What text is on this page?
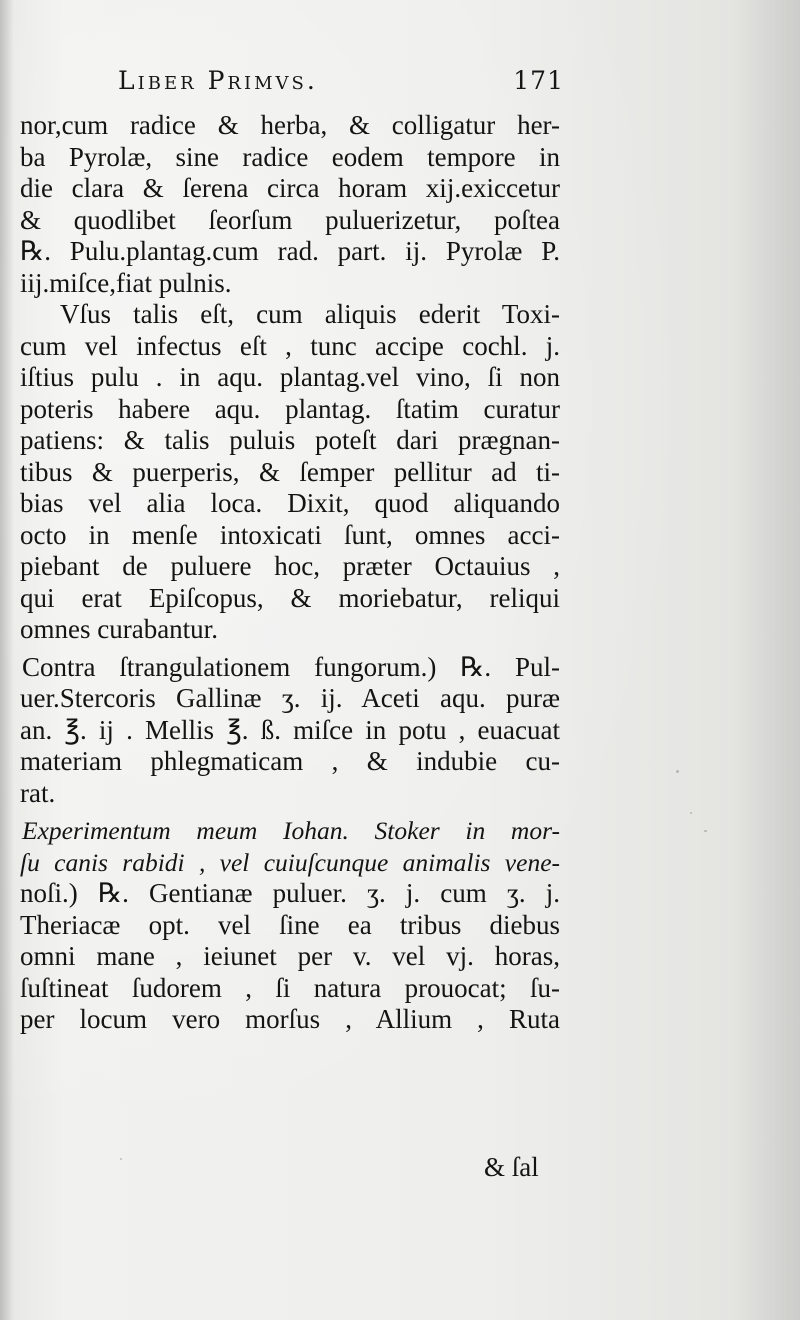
Liber Primvs.	171
nor,cum radice & herba, & colligatur her-
ba Pyrolæ, sine radice eodem tempore in
die clara & ſerena circa horam xij.exiccetur
& quodlibet ſeorſum puluerizetur, poſtea
℞. Pulu.plantag.cum rad. part. ij. Pyrolæ P.
iij.miſce,fiat pulnis.
Vſus talis eſt, cum aliquis ederit Toxi-
cum vel infectus eſt , tunc accipe cochl. j.
iſtius pulu . in aqu. plantag.vel vino, ſi non
poteris habere aqu. plantag. ſtatim curatur
patiens: & talis puluis poteſt dari prægnan-
tibus & puerperis, & ſemper pellitur ad ti-
bias vel alia loca. Dixit, quod aliquando
octo in menſe intoxicati ſunt, omnes acci-
piebant de puluere hoc, præter Octauius ,
qui erat Epiſcopus, & moriebatur, reliqui
omnes curabantur.
Contra ſtrangulationem fungorum.) ℞. Pul-
uer.Stercoris Gallinæ ʒ. ij. Aceti aqu. puræ
an. ℥. ij . Mellis ℥. ß. miſce in potu , euacuat
materiam phlegmaticam , & indubie cu-
rat.
Experimentum meum Iohan. Stoker in mor-
ſu canis rabidi , vel cuiuſcunque animalis vene-
noſi.) ℞. Gentianæ puluer. ʒ. j. cum ʒ. j.
Theriacæ opt. vel ſine ea tribus diebus
omni mane , ieiunet per v. vel vj. horas,
ſuſtineat ſudorem , ſi natura prouocat; ſu-
per locum vero morſus , Allium , Ruta
& ſal
